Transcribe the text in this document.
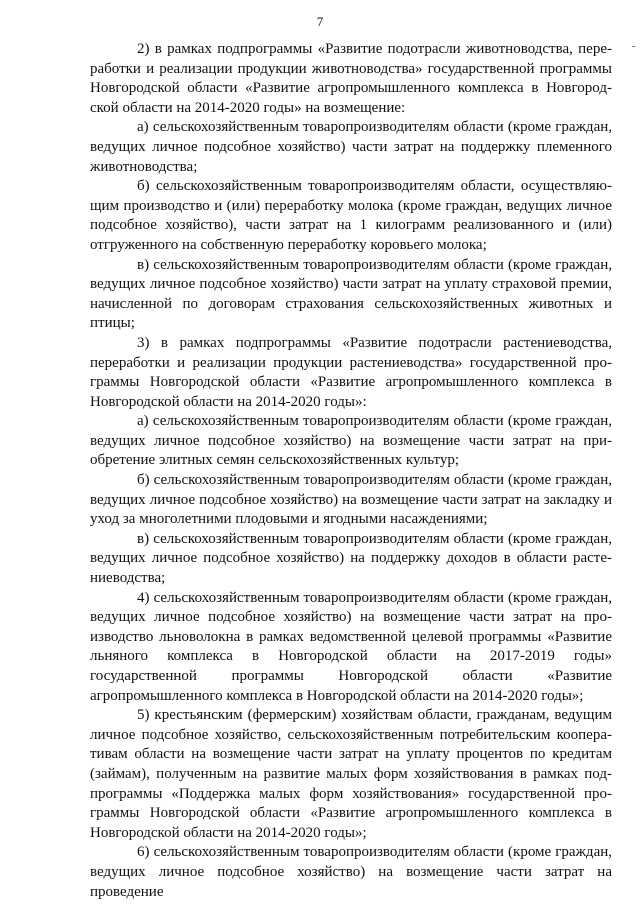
7
-

2) в рамках подпрограммы «Развитие подотрасли животноводства, переработки и реализации продукции животноводства» государственной программы Новгородской области «Развитие агропромышленного комплекса в Новгородской области на 2014-2020 годы» на возмещение:

а) сельскохозяйственным товаропроизводителям области (кроме граждан, ведущих личное подсобное хозяйство) части затрат на поддержку племенного животноводства;

б) сельскохозяйственным товаропроизводителям области, осуществляющим производство и (или) переработку молока (кроме граждан, ведущих личное подсобное хозяйство), части затрат на 1 килограмм реализованного и (или) отгруженного на собственную переработку коровьего молока;

в) сельскохозяйственным товаропроизводителям области (кроме граждан, ведущих личное подсобное хозяйство) части затрат на уплату страховой премии, начисленной по договорам страхования сельскохозяйственных животных и птицы;

3) в рамках подпрограммы «Развитие подотрасли растениеводства, переработки и реализации продукции растениеводства» государственной программы Новгородской области «Развитие агропромышленного комплекса в Новгородской области на 2014-2020 годы»:

а) сельскохозяйственным товаропроизводителям области (кроме граждан, ведущих личное подсобное хозяйство) на возмещение части затрат на приобретение элитных семян сельскохозяйственных культур;

б) сельскохозяйственным товаропроизводителям области (кроме граждан, ведущих личное подсобное хозяйство) на возмещение части затрат на закладку и уход за многолетними плодовыми и ягодными насаждениями;

в) сельскохозяйственным товаропроизводителям области (кроме граждан, ведущих личное подсобное хозяйство) на поддержку доходов в области растениеводства;

4) сельскохозяйственным товаропроизводителям области (кроме граждан, ведущих личное подсобное хозяйство) на возмещение части затрат на производство льноволокна в рамках ведомственной целевой программы «Развитие льняного комплекса в Новгородской области на 2017-2019 годы» государственной программы Новгородской области «Развитие агропромышленного комплекса в Новгородской области на 2014-2020 годы»;

5) крестьянским (фермерским) хозяйствам области, гражданам, ведущим личное подсобное хозяйство, сельскохозяйственным потребительским кооперативам области на возмещение части затрат на уплату процентов по кредитам (займам), полученным на развитие малых форм хозяйствования в рамках подпрограммы «Поддержка малых форм хозяйствования» государственной программы Новгородской области «Развитие агропромышленного комплекса в Новгородской области на 2014-2020 годы»;

6) сельскохозяйственным товаропроизводителям области (кроме граждан, ведущих личное подсобное хозяйство) на возмещение части затрат на проведение
